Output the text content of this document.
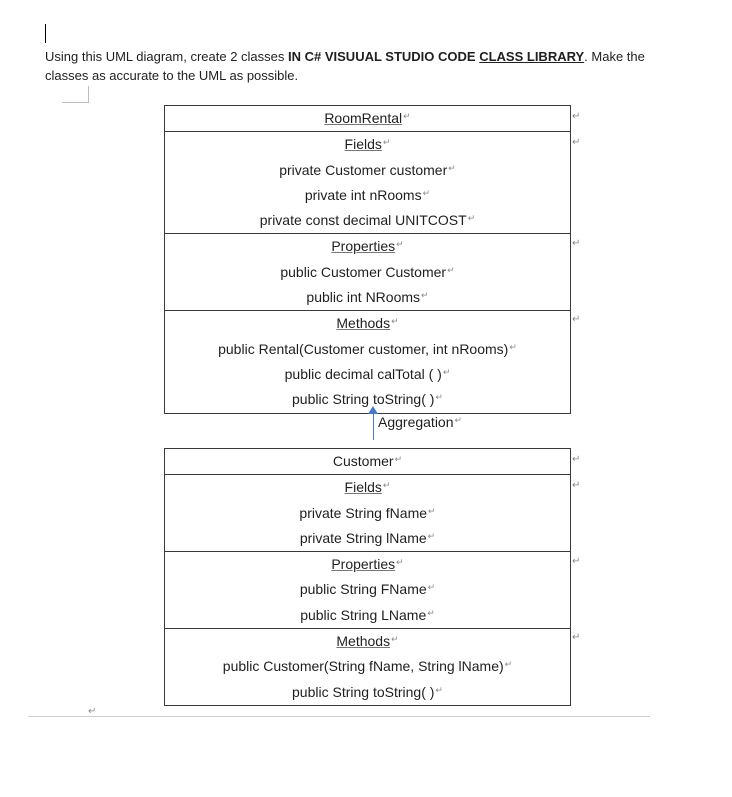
Using this UML diagram, create 2 classes IN C# VISUUAL STUDIO CODE CLASS LIBRARY. Make the classes as accurate to the UML as possible.
RoomRental↵
Fields↵
private Customer customer↵
private int nRooms↵
private const decimal UNITCOST↵
Properties↵
public Customer Customer↵
public int NRooms↵
Methods↵
public Rental(Customer customer, int nRooms)↵
public decimal calTotal ( )↵
public String toString( )↵
↵
↵
↵
↵
Aggregation↵
Customer↵
Fields↵
private String fName↵
private String lName↵
Properties↵
public String FName↵
public String LName↵
Methods↵
public Customer(String fName, String lName)↵
public String toString( )↵
↵
↵
↵
↵
↵
